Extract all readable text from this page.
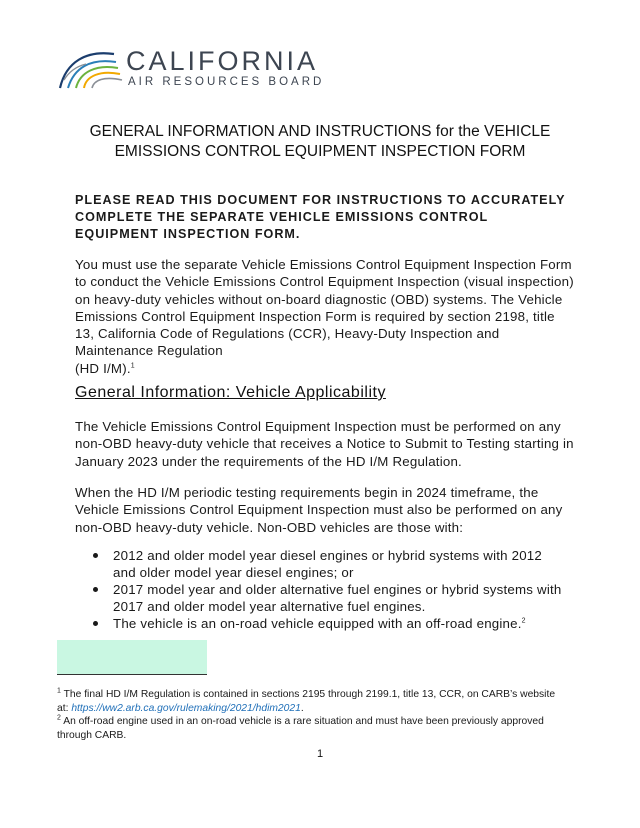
CALIFORNIA
AIR RESOURCES BOARD
GENERAL INFORMATION AND INSTRUCTIONS for the VEHICLE
EMISSIONS CONTROL EQUIPMENT INSPECTION FORM
PLEASE READ THIS DOCUMENT FOR INSTRUCTIONS TO ACCURATELY COMPLETE THE SEPARATE VEHICLE EMISSIONS CONTROL EQUIPMENT INSPECTION FORM.
You must use the separate Vehicle Emissions Control Equipment Inspection Form to conduct the Vehicle Emissions Control Equipment Inspection (visual inspection) on heavy-duty vehicles without on-board diagnostic (OBD) systems. The Vehicle Emissions Control Equipment Inspection Form is required by section 2198, title 13, California Code of Regulations (CCR), Heavy-Duty Inspection and Maintenance Regulation
(HD I/M).$^1$
General Information: Vehicle Applicability
The Vehicle Emissions Control Equipment Inspection must be performed on any non-OBD heavy-duty vehicle that receives a Notice to Submit to Testing starting in January 2023 under the requirements of the HD I/M Regulation.
When the HD I/M periodic testing requirements begin in 2024 timeframe, the Vehicle Emissions Control Equipment Inspection must also be performed on any non-OBD heavy-duty vehicle. Non-OBD vehicles are those with:
2012 and older model year diesel engines or hybrid systems with 2012 and older model year diesel engines; or
2017 model year and older alternative fuel engines or hybrid systems with 2017 and older model year alternative fuel engines.
The vehicle is an on-road vehicle equipped with an off-road engine.$^2$

$^1$ The final HD I/M Regulation is contained in sections 2195 through 2199.1, title 13, CCR, on CARB’s website at: https://ww2.arb.ca.gov/rulemaking/2021/hdim2021.

$^2$ An off-road engine used in an on-road vehicle is a rare situation and must have been previously approved through CARB.

1
